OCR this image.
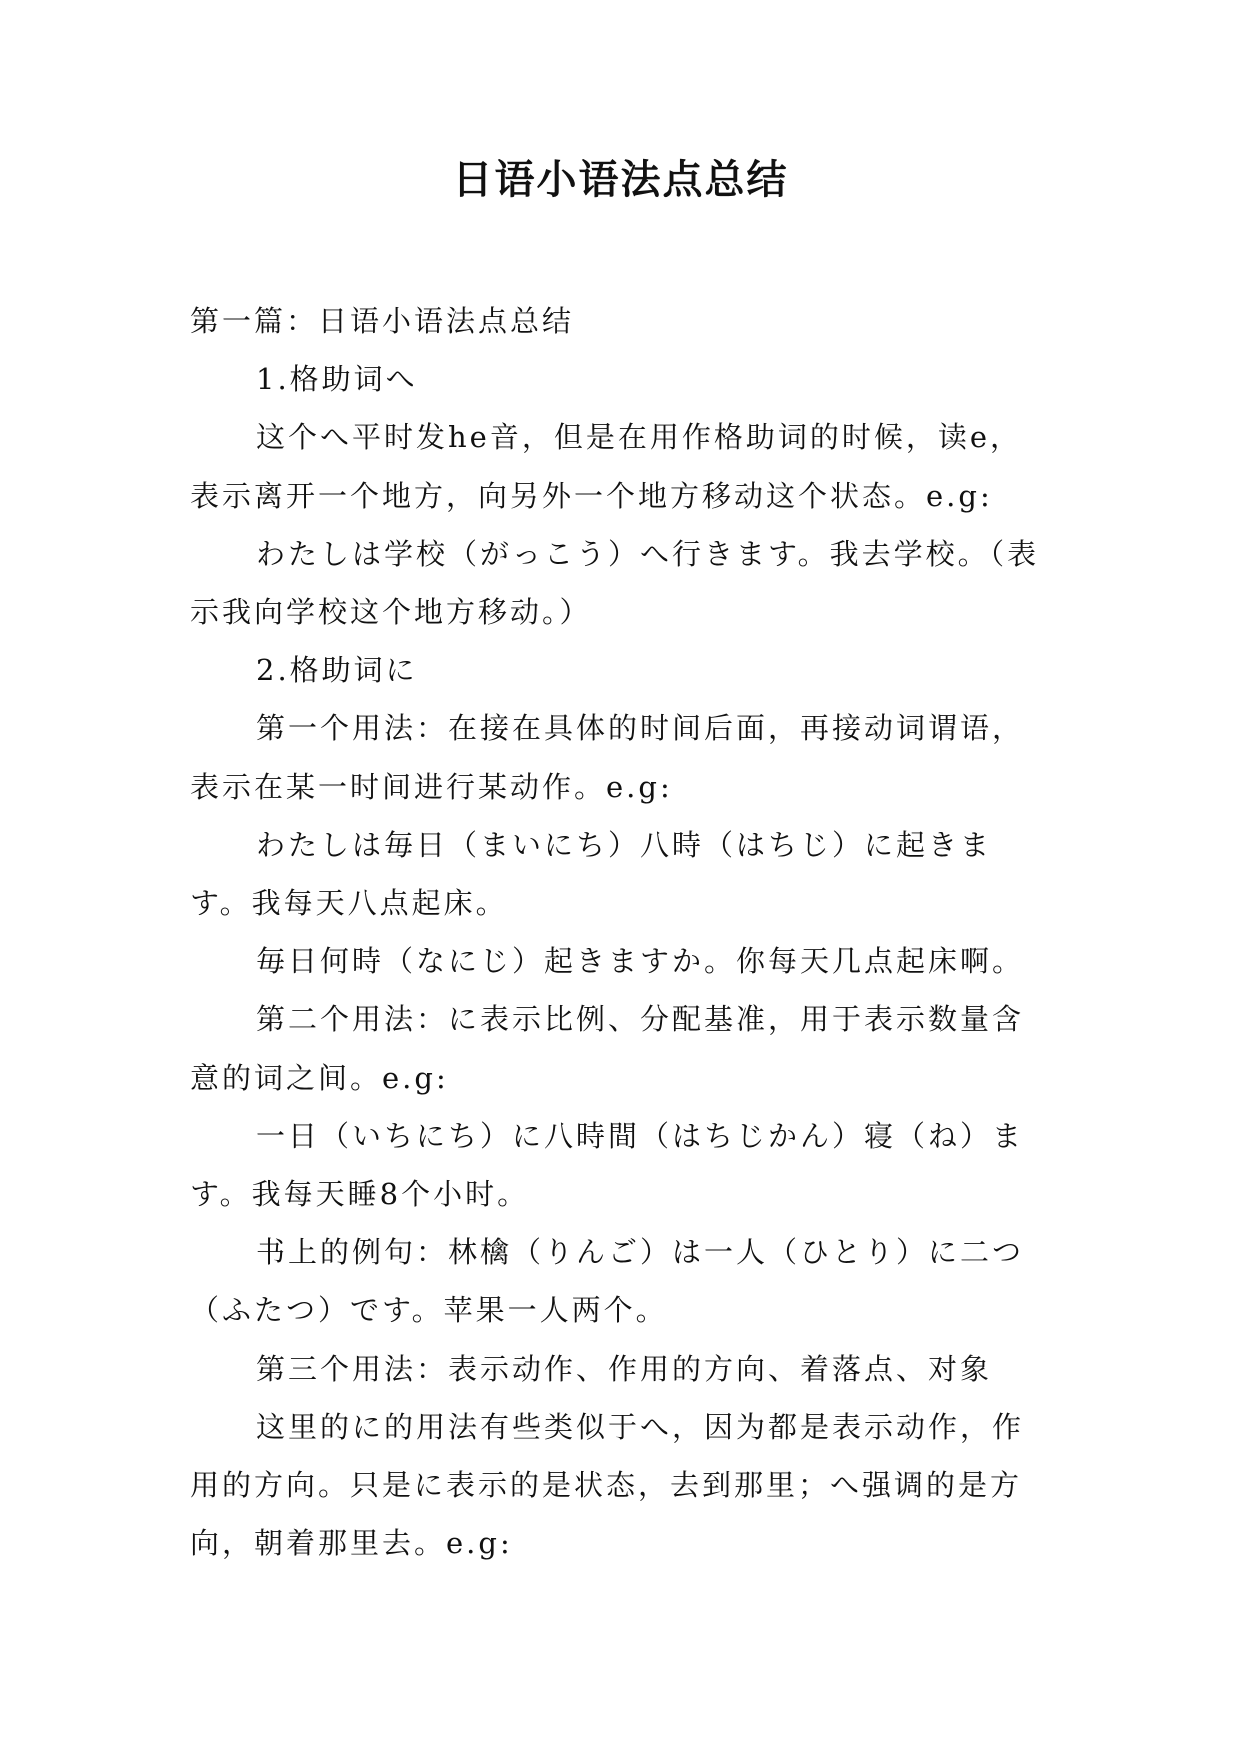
日语小语法点总结

第一篇：日语小语法点总结

1.格助词へ

这个へ平时发he音，但是在用作格助词的时候，读e，表示离开一个地方，向另外一个地方移动这个状态。e.g:

わたしは学校（がっこう）へ行きます。我去学校。（表示我向学校这个地方移动。）

2.格助词に

第一个用法：在接在具体的时间后面，再接动词谓语，表示在某一时间进行某动作。e.g:

わたしは毎日（まいにち）八時（はちじ）に起きます。我每天八点起床。

毎日何時（なにじ）起きますか。你每天几点起床啊。

第二个用法：に表示比例、分配基准，用于表示数量含意的词之间。e.g:

一日（いちにち）に八時間（はちじかん）寝（ね）ます。我每天睡8个小时。

书上的例句：林檎（りんご）は一人（ひとり）に二つ（ふたつ）です。苹果一人两个。

第三个用法：表示动作、作用的方向、着落点、对象

这里的に的用法有些类似于へ，因为都是表示动作，作用的方向。只是に表示的是状态，去到那里；へ强调的是方向，朝着那里去。e.g:
